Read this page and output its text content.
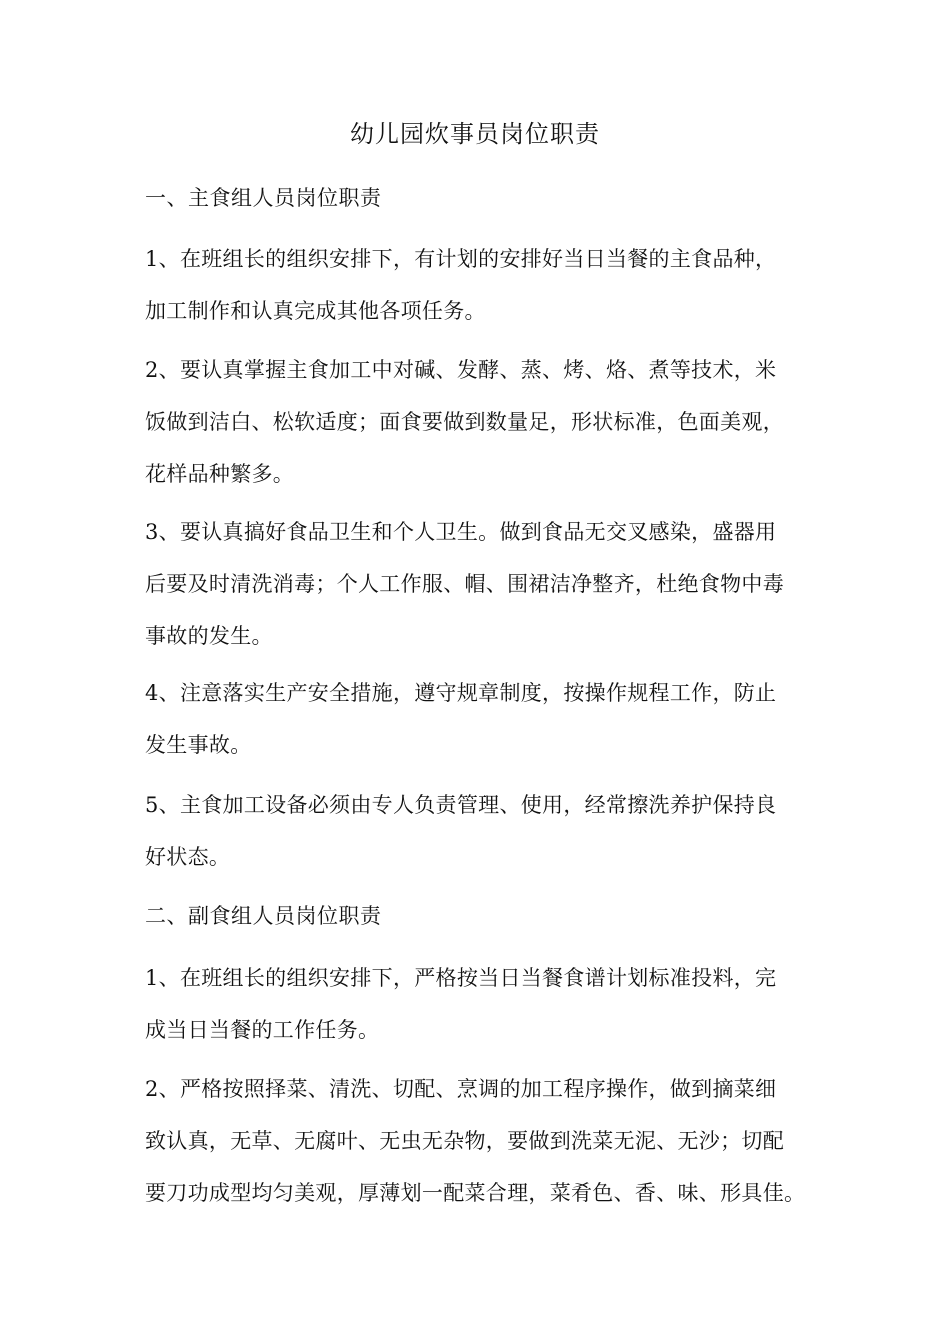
幼儿园炊事员岗位职责
一、主食组人员岗位职责
1、在班组长的组织安排下，有计划的安排好当日当餐的主食品种，
加工制作和认真完成其他各项任务。
2、要认真掌握主食加工中对碱、发酵、蒸、烤、烙、煮等技术，米
饭做到洁白、松软适度；面食要做到数量足，形状标准，色面美观，
花样品种繁多。
3、要认真搞好食品卫生和个人卫生。做到食品无交叉感染，盛器用
后要及时清洗消毒；个人工作服、帽、围裙洁净整齐，杜绝食物中毒
事故的发生。
4、注意落实生产安全措施，遵守规章制度，按操作规程工作，防止
发生事故。
5、主食加工设备必须由专人负责管理、使用，经常擦洗养护保持良
好状态。
二、副食组人员岗位职责
1、在班组长的组织安排下，严格按当日当餐食谱计划标准投料，完
成当日当餐的工作任务。
2、严格按照择菜、清洗、切配、烹调的加工程序操作，做到摘菜细
致认真，无草、无腐叶、无虫无杂物，要做到洗菜无泥、无沙；切配
要刀功成型均匀美观，厚薄划一配菜合理，菜肴色、香、味、形具佳。
